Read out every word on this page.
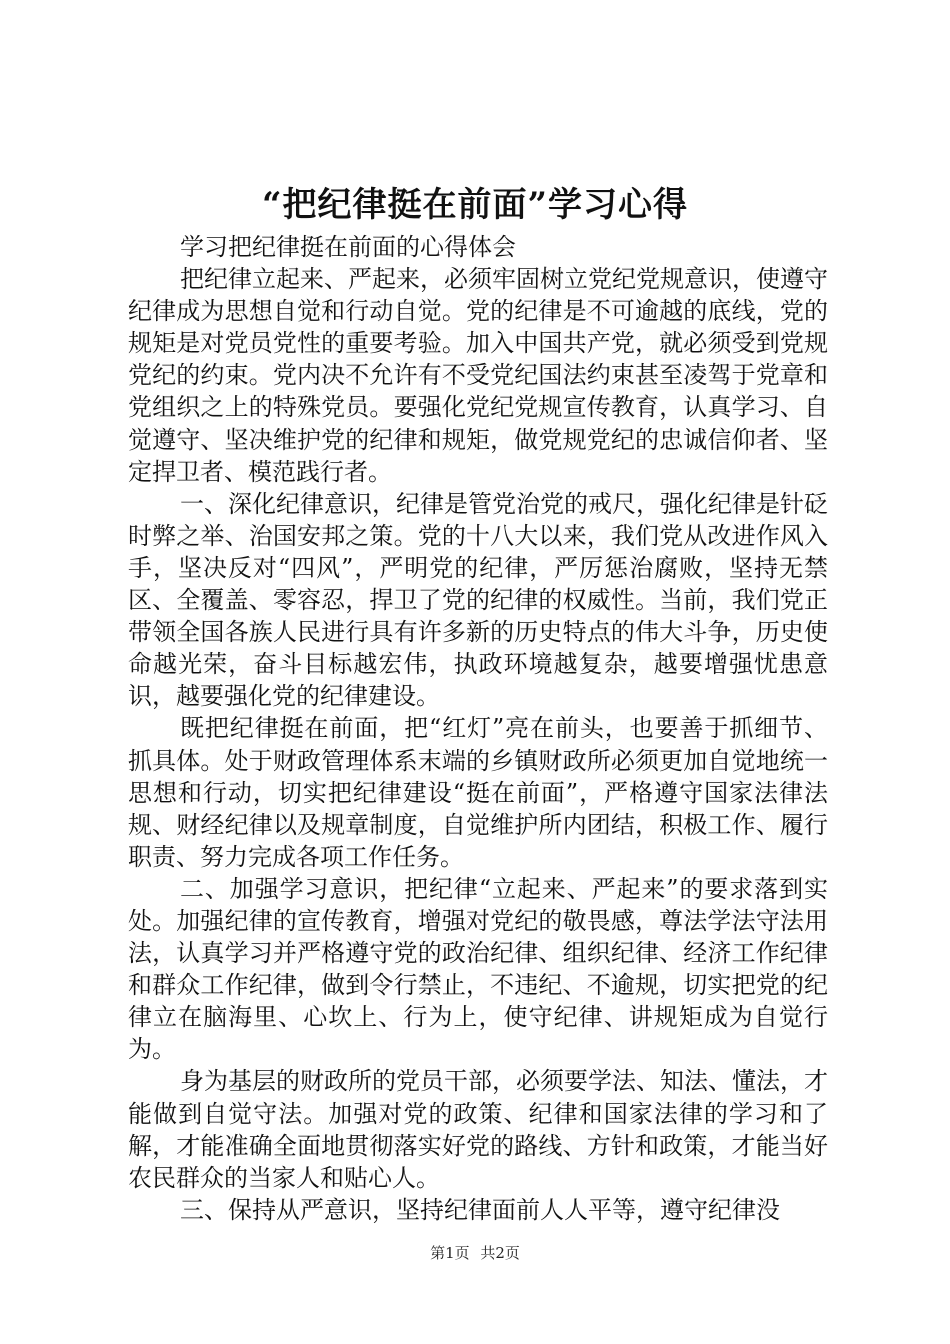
“把纪律挺在前面”学习心得

学习把纪律挺在前面的心得体会

把纪律立起来、严起来，必须牢固树立党纪党规意识，使遵守纪律成为思想自觉和行动自觉。党的纪律是不可逾越的底线，党的规矩是对党员党性的重要考验。加入中国共产党，就必须受到党规党纪的约束。党内决不允许有不受党纪国法约束甚至凌驾于党章和党组织之上的特殊党员。要强化党纪党规宣传教育，认真学习、自觉遵守、坚决维护党的纪律和规矩，做党规党纪的忠诚信仰者、坚定捍卫者、模范践行者。

一、深化纪律意识，纪律是管党治党的戒尺，强化纪律是针砭时弊之举、治国安邦之策。党的十八大以来，我们党从改进作风入手，坚决反对“四风”，严明党的纪律，严厉惩治腐败，坚持无禁区、全覆盖、零容忍，捍卫了党的纪律的权威性。当前，我们党正带领全国各族人民进行具有许多新的历史特点的伟大斗争，历史使命越光荣，奋斗目标越宏伟，执政环境越复杂，越要增强忧患意识，越要强化党的纪律建设。

既把纪律挺在前面，把“红灯”亮在前头，也要善于抓细节、抓具体。处于财政管理体系末端的乡镇财政所必须更加自觉地统一思想和行动，切实把纪律建设“挺在前面”，严格遵守国家法律法规、财经纪律以及规章制度，自觉维护所内团结，积极工作、履行职责、努力完成各项工作任务。

二、加强学习意识，把纪律“立起来、严起来”的要求落到实处。加强纪律的宣传教育，增强对党纪的敬畏感，尊法学法守法用法，认真学习并严格遵守党的政治纪律、组织纪律、经济工作纪律和群众工作纪律，做到令行禁止，不违纪、不逾规，切实把党的纪律立在脑海里、心坎上、行为上，使守纪律、讲规矩成为自觉行为。

身为基层的财政所的党员干部，必须要学法、知法、懂法，才能做到自觉守法。加强对党的政策、纪律和国家法律的学习和了解，才能准确全面地贯彻落实好党的路线、方针和政策，才能当好农民群众的当家人和贴心人。

三、保持从严意识，坚持纪律面前人人平等，遵守纪律没

第1页 共2页
